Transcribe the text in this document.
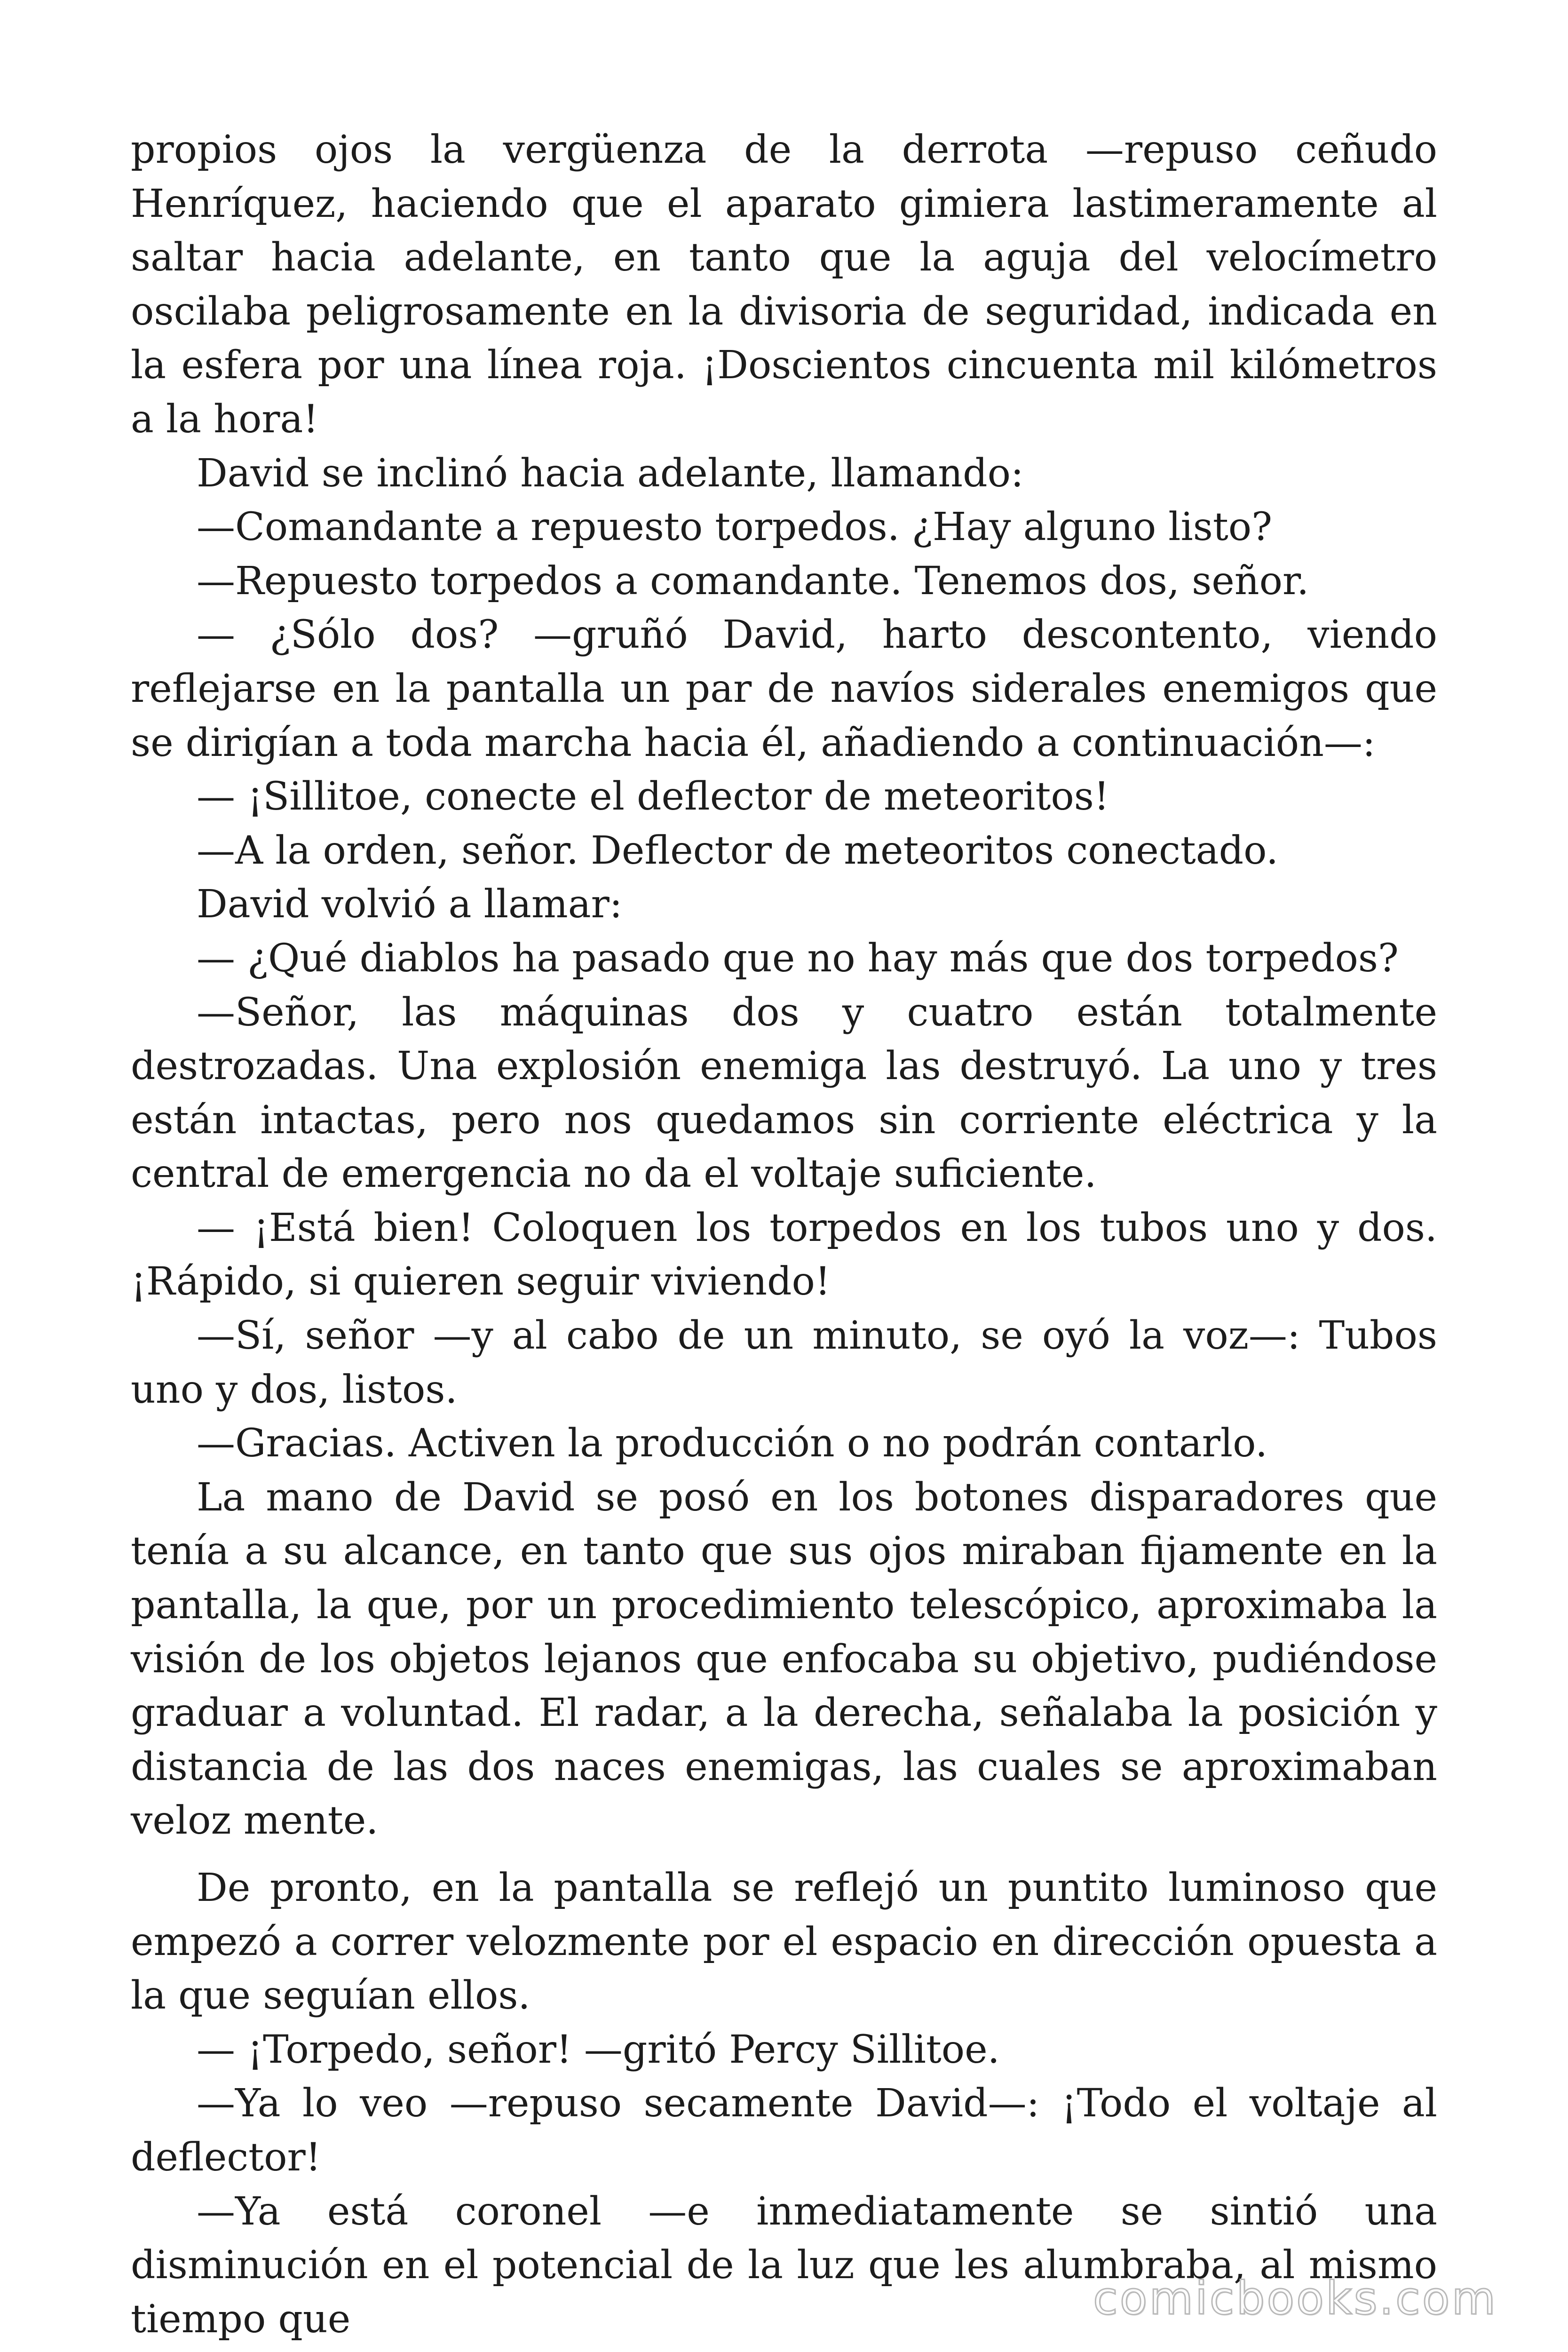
propios ojos la vergüenza de la derrota —repuso ceñudo Henríquez, haciendo que el aparato gimiera lastimeramente al saltar hacia adelante, en tanto que la aguja del velocímetro oscilaba peligrosamente en la divisoria de seguridad, indicada en la esfera por una línea roja. ¡Doscientos cincuenta mil kilómetros a la hora!

David se inclinó hacia adelante, llamando:

—Comandante a repuesto torpedos. ¿Hay alguno listo?

—Repuesto torpedos a comandante. Tenemos dos, señor.

— ¿Sólo dos? —gruñó David, harto descontento, viendo reflejarse en la pantalla un par de navíos siderales enemigos que se dirigían a toda marcha hacia él, añadiendo a continuación—:

— ¡Sillitoe, conecte el deflector de meteoritos!

—A la orden, señor. Deflector de meteoritos conectado.

David volvió a llamar:

— ¿Qué diablos ha pasado que no hay más que dos torpedos?

—Señor, las máquinas dos y cuatro están totalmente destrozadas. Una explosión enemiga las destruyó. La uno y tres están intactas, pero nos quedamos sin corriente eléctrica y la central de emergencia no da el voltaje suficiente.

— ¡Está bien! Coloquen los torpedos en los tubos uno y dos. ¡Rápido, si quieren seguir viviendo!

—Sí, señor —y al cabo de un minuto, se oyó la voz—: Tubos uno y dos, listos.

—Gracias. Activen la producción o no podrán contarlo.

La mano de David se posó en los botones disparadores que tenía a su alcance, en tanto que sus ojos miraban fijamente en la pantalla, la que, por un procedimiento telescópico, aproximaba la visión de los objetos lejanos que enfocaba su objetivo, pudiéndose graduar a voluntad. El radar, a la derecha, señalaba la posición y distancia de las dos naces enemigas, las cuales se aproximaban veloz mente.

De pronto, en la pantalla se reflejó un puntito luminoso que empezó a correr velozmente por el espacio en dirección opuesta a la que seguían ellos.

— ¡Torpedo, señor! —gritó Percy Sillitoe.

—Ya lo veo —repuso secamente David—: ¡Todo el voltaje al deflector!

—Ya está coronel —e inmediatamente se sintió una disminución en el potencial de la luz que les alumbraba, al mismo tiempo que	comicbooks.com
